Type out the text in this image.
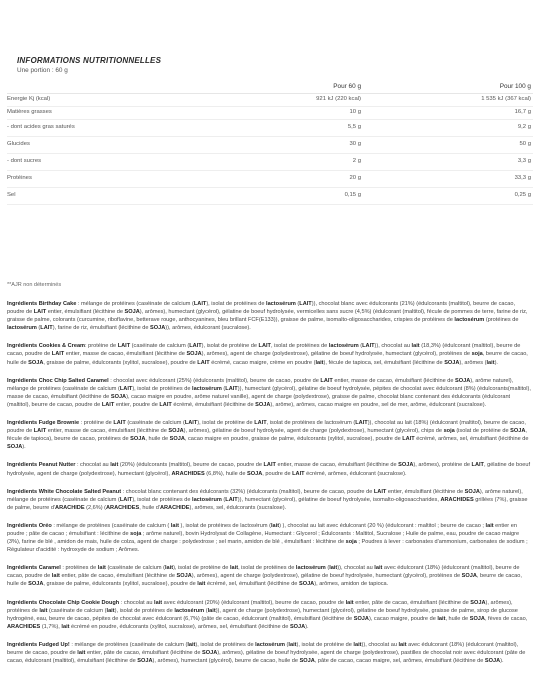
INFORMATIONS NUTRITIONNELLES
Une portion : 60 g
Pour 60 g	Pour 100 g
Energie Kj (kcal)	921 kJ (220 kcal)	1 535 kJ (367 kcal)
Matières grasses	10 g	16,7 g
- dont acides gras saturés	5,5 g	9,2 g
Glucides	30 g	50 g
- dont sucres	2 g	3,3 g
Protéines	20 g	33,3 g
Sel	0,15 g	0,25 g
**AJR non déterminés

Ingrédients Birthday Cake : mélange de protéines (caséinate de calcium (LAIT), isolat de protéines de lactosérum (LAIT)), chocolat blanc avec édulcorants (21%) (édulcorants (maltitol), beurre de cacao, poudre de LAIT entier, émulsifiant (lécithine de SOJA), arômes), humectant (glycérol), gélatine de boeuf hydrolysée, vermicelles sans sucre (4,5%) (édulcorant (maltitol), fécule de pommes de terre, farine de riz, graisse de palme, colorants (curcumine, riboflavine, betterave rouge, anthocyanines, bleu brillant FCF(E133)), graisse de palme, isomalto-oligosaccharides, crispies de protéines de lactosérum (protéines de lactosérum (LAIT), farine de riz, émulsifiant (lécithine de SOJA)), arômes, édulcorant (sucralose).

Ingrédients Cookies & Cream: protéine de LAIT (caséinate de calcium (LAIT), isolat de protéine de LAIT, isolat de protéines de lactosérum (LAIT)), chocolat au lait (18,3%) (édulcorant (maltitol), beurre de cacao, poudre de LAIT entier, masse de cacao, émulsifiant (lécithine de SOJA), arômes), agent de charge (polydextrose), gélatine de boeuf hydrolysée, humectant (glycérol), protéines de soja, beurre de cacao, huile de SOJA, graisse de palme, édulcorants (xylitol, sucralose), poudre de LAIT écrémé, cacao maigre, crème en poudre (lait), fécule de tapioca, sel, émulsifiant (lécithine de SOJA), arômes (lait).

Ingrédients Choc Chip Salted Caramel : chocolat avec édulcorant (25%) (édulcorants (maltitol), beurre de cacao, poudre de LAIT entier, masse de cacao, émulsifiant (lécithine de SOJA), arôme naturel), mélange de protéines (caséinate de calcium (LAIT), isolat de protéines de lactosérum (LAIT)), humectant (glycérol), gélatine de boeuf hydrolysée, pépites de chocolat avec édulcorant (8%) (édulcorants(maltitol), masse de cacao, émulsifiant (lécithine de SOJA), cacao maigre en poudre, arôme naturel vanille), agent de charge (polydextrose), graisse de palme, chocolat blanc contenant des édulcorants (édulcorant (maltitol), beurre de cacao, poudre de LAIT entier, poudre de LAIT écrémé, émulsifiant (lécithine de SOJA), arôme), arômes, cacao maigre en poudre, sel de mer, arôme, édulcorant (sucralose).

Ingrédients Fudge Brownie : protéine de LAIT (caséinate de calcium (LAIT), isolat de protéine de LAIT, isolat de protéines de lactosérum (LAIT)), chocolat au lait (18%) (édulcorant (maltitol), beurre de cacao, poudre de LAIT entier, masse de cacao, émulsifiant (lécithine de SOJA), arômes), gélatine de boeuf hydrolysée, agent de charge (polydextrose), humectant (glycérol), chips de soja (isolat de protéine de SOJA, fécule de tapioca), beurre de cacao, protéines de SOJA, huile de SOJA, cacao maigre en poudre, graisse de palme, édulcorants (xylitol, sucralose), poudre de LAIT écrémé, arômes, sel, émulsifiant (lécithine de SOJA).

Ingrédients Peanut Nutter : chocolat au lait (20%) (édulcorants (maltitol), beurre de cacao, poudre de LAIT entier, masse de cacao, émulsifiant (lécithine de SOJA), arômes), protéine de LAIT, gélatine de boeuf hydrolysée, agent de charge (polydextrose), humectant (glycérol), ARACHIDES (6,8%), huile de SOJA, poudre de LAIT écrémé, arômes, édulcorant (sucralose).

Ingrédients White Chocolate Salted Peanut : chocolat blanc contenant des édulcorants (32%) (édulcorants (maltitol), beurre de cacao, poudre de LAIT entier, émulsifiant (lécithine de SOJA), arôme naturel), mélange de protéines (caséinate de calcium (LAIT), isolat de protéines de lactosérum (LAIT)), humectant (glycérol), gélatine de boeuf hydrolysée, isomalto-oligosaccharides, ARACHIDES grillées (7%), graisse de palme, beurre d'ARACHIDE (2,6%) (ARACHIDES, huile d'ARACHIDE), arômes, sel, édulcorants (sucralose).

Ingrédients Oréo : mélange de protéines (caséinate de calcium ( lait ), isolat de protéines de lactosérum (lait) ), chocolat au lait avec édulcorant (20 %) (édulcorant : maltitol ; beurre de cacao ; lait entier en poudre ; pâte de cacao ; émulsifiant : lécithine de soja ; arôme naturel), bovin Hydrolysat de Collagène, Humectant : Glycerol ; Édulcorants : Maltitol, Sucralose ; Huile de palme, eau, poudre de cacao maigre (3%), farine de blé , amidon de mais, huile de colza, agent de charge : polydextrose ; sel marin, amidon de blé , émulsifiant : lécithine de soja ; Poudres à lever : carbonates d'ammonium, carbonates de sodium ; Régulateur d'acidité : hydroxyde de sodium ; Arômes.

Ingrédients Caramel : protéines de lait (caséinate de calcium (lait), isolat de protéine de lait, isolat de protéines de lactosérum (lait)), chocolat au lait avec édulcorant (18%) (édulcorant (maltitol), beurre de cacao, poudre de lait entier, pâte de cacao, émulsifiant (lécithine de SOJA), arômes), agent de charge (polydextrose), gélatine de boeuf hydrolysée, humectant (glycérol), protéines de SOJA, beurre de cacao, huile de SOJA, graisse de palme, édulcorants (xylitol, sucralose), poudre de lait écrémé, sel, émulsifiant (lécithine de SOJA), arômes, amidon de tapioca.

Ingrédients Chocolate Chip Cookie Dough : chocolat au lait avec édulcorant (20%) (édulcorant (maltitol), beurre de cacao, poudre de lait entier, pâte de cacao, émulsifiant (lécithine de SOJA), arômes), protéines de lait (caséinate de calcium (lait), isolat de protéines de lactosérum (lait)), agent de charge (polydextrose), humectant (glycérol), gélatine de boeuf hydrolysée, graisse de palme, sirop de glucose hydrogéné, eau, beurre de cacao, pépites de chocolat avec édulcorant (6,7%) (pâte de cacao, édulcorant (maltitol), émulsifiant (lécithine de SOJA), cacao maigre, poudre de lait, huile de SOJA, fèves de cacao, ARACHIDES (1,7%), lait écrémé en poudre, édulcorants (xylitol, sucralose), arômes, sel, émulsifiant (lécithine de SOJA).

Ingrédients Fudged Up! : mélange de protéines (caséinate de calcium (lait), isolat de protéines de lactosérum (lait), isolat de protéine de lait)), chocolat au lait avec édulcorant (18%) (édulcorant (maltitol), beurre de cacao, poudre de lait entier, pâte de cacao, émulsifiant (lécithine de SOJA), arômes), gélatine de boeuf hydrolysée, agent de charge (polydextrose), pastilles de chocolat noir avec édulcorant (pâte de cacao, édulcorant (maltitol), émulsifiant (lécithine de SOJA), arômes), humectant (glycérol), beurre de cacao, huile de SOJA, pâte de cacao, cacao maigre, sel, arômes, émulsifiant (lécithine de SOJA).
